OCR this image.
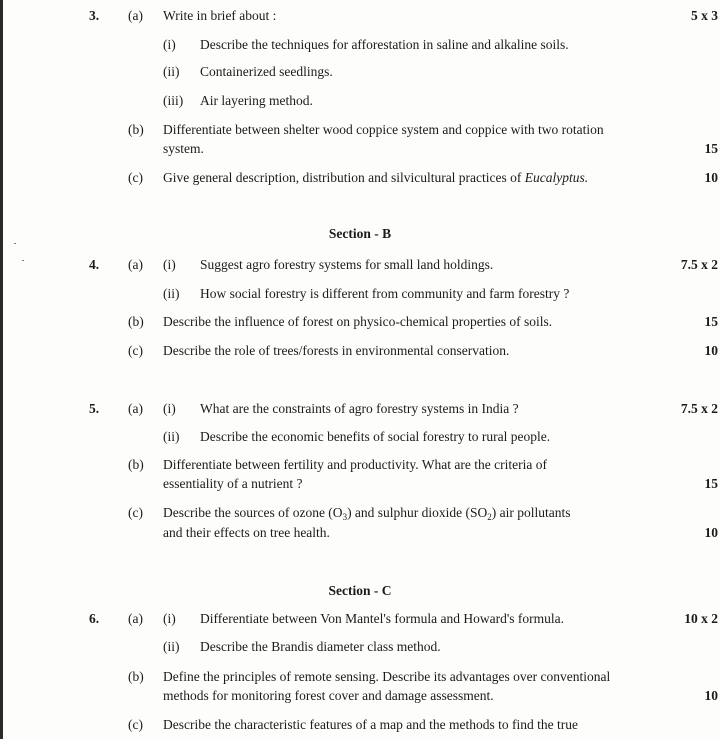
3. (a) Write in brief about :	5 x 3
(i) Describe the techniques for afforestation in saline and alkaline soils.
(ii) Containerized seedlings.
(iii) Air layering method.
(b) Differentiate between shelter wood coppice system and coppice with two rotation
system.	15
(c) Give general description, distribution and silvicultural practices of Eucalyptus.	10
Section - B
4. (a) (i) Suggest agro forestry systems for small land holdings.	7.5 x 2
(ii) How social forestry is different from community and farm forestry ?
(b) Describe the influence of forest on physico-chemical properties of soils.	15
(c) Describe the role of trees/forests in environmental conservation.	10
5. (a) (i) What are the constraints of agro forestry systems in India ?	7.5 x 2
(ii) Describe the economic benefits of social forestry to rural people.
(b) Differentiate between fertility and productivity. What are the criteria of
essentiality of a nutrient ?	15
(c) Describe the sources of ozone $(O_3)$ and sulphur dioxide $(SO_2)$ air pollutants
and their effects on tree health.	10
Section - C
6. (a) (i) Differentiate between Von Mantel's formula and Howard's formula.	10 x 2
(ii) Describe the Brandis diameter class method.
(b) Define the principles of remote sensing. Describe its advantages over conventional
methods for monitoring forest cover and damage assessment.	10
(c) Describe the characteristic features of a map and the methods to find the true
